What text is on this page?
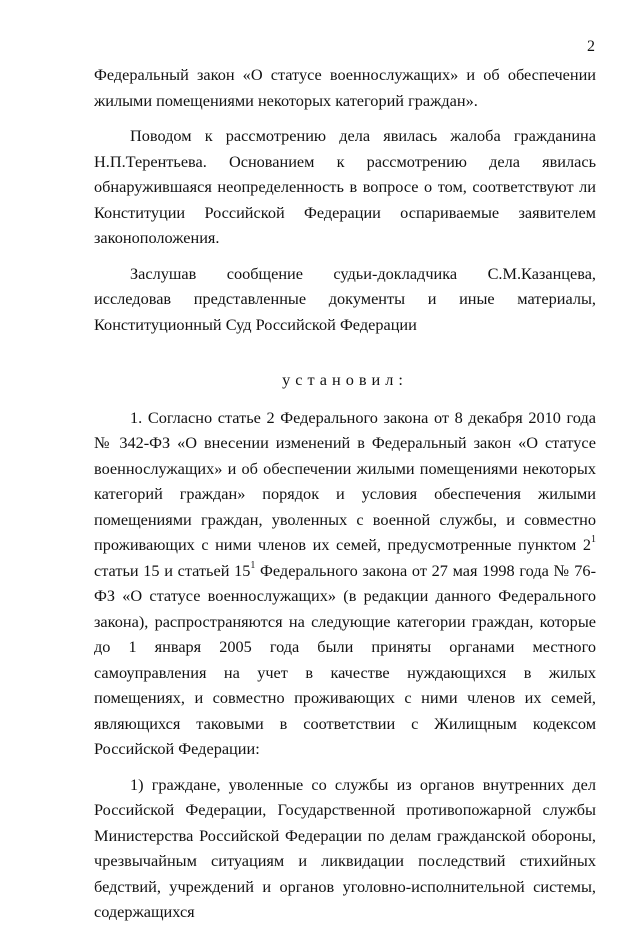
2

Федеральный закон «О статусе военнослужащих» и об обеспечении жилыми помещениями некоторых категорий граждан».

Поводом к рассмотрению дела явилась жалоба гражданина Н.П.Терентьева. Основанием к рассмотрению дела явилась обнаружившаяся неопределенность в вопросе о том, соответствуют ли Конституции Российской Федерации оспариваемые заявителем законоположения.

Заслушав сообщение судьи-докладчика С.М.Казанцева, исследовав представленные документы и иные материалы, Конституционный Суд Российской Федерации

установил:

1. Согласно статье 2 Федерального закона от 8 декабря 2010 года № 342-ФЗ «О внесении изменений в Федеральный закон «О статусе военнослужащих» и об обеспечении жилыми помещениями некоторых категорий граждан» порядок и условия обеспечения жилыми помещениями граждан, уволенных с военной службы, и совместно проживающих с ними членов их семей, предусмотренные пунктом $2^1$ статьи 15 и статьей $15^1$ Федерального закона от 27 мая 1998 года № 76-ФЗ «О статусе военнослужащих» (в редакции данного Федерального закона), распространяются на следующие категории граждан, которые до 1 января 2005 года были приняты органами местного самоуправления на учет в качестве нуждающихся в жилых помещениях, и совместно проживающих с ними членов их семей, являющихся таковыми в соответствии с Жилищным кодексом Российской Федерации:

1) граждане, уволенные со службы из органов внутренних дел Российской Федерации, Государственной противопожарной службы Министерства Российской Федерации по делам гражданской обороны, чрезвычайным ситуациям и ликвидации последствий стихийных бедствий, учреждений и органов уголовно-исполнительной системы, содержащихся
